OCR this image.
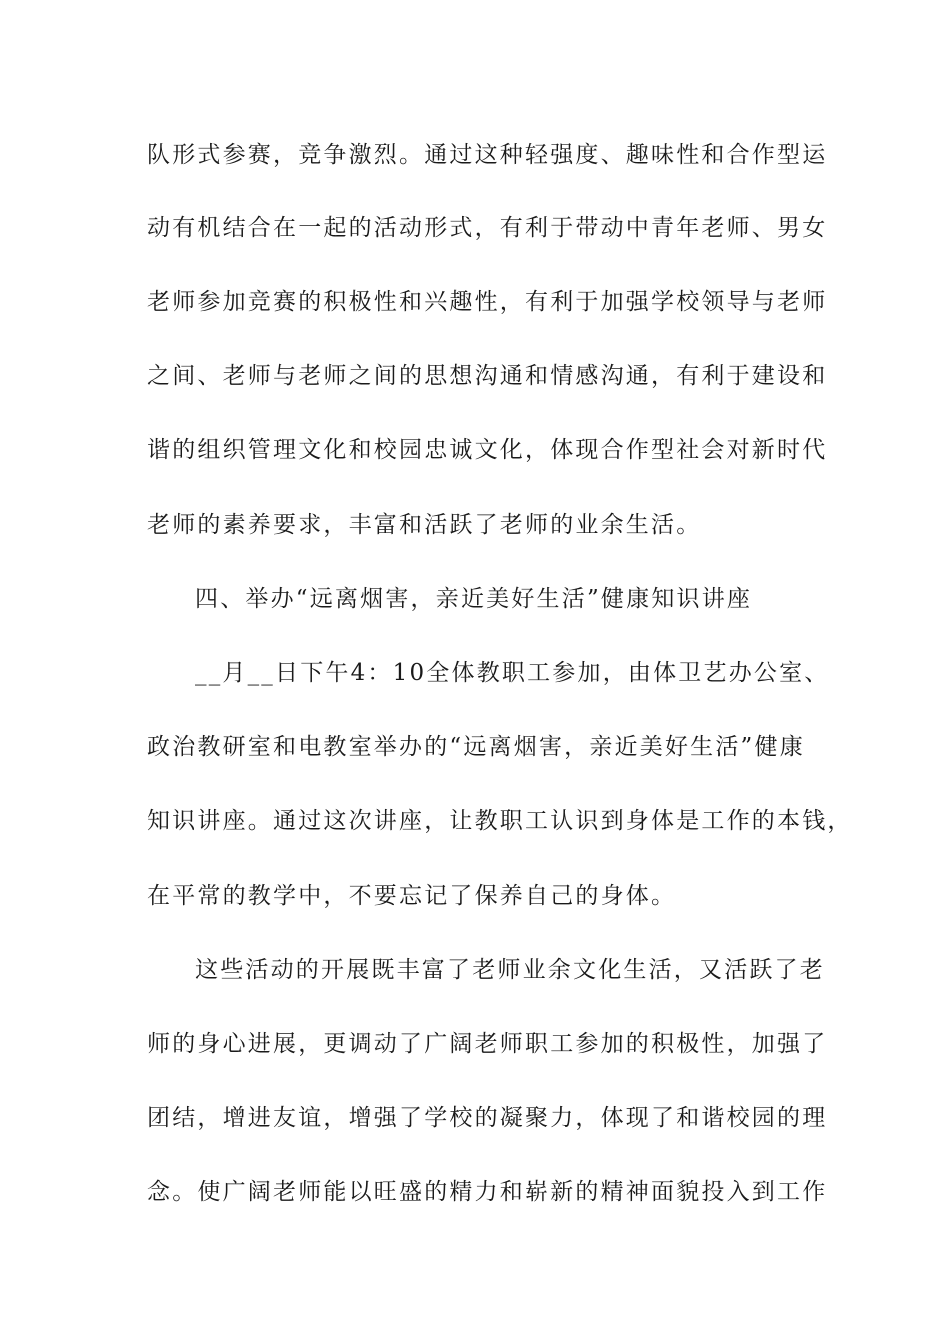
队形式参赛，竞争激烈。通过这种轻强度、趣味性和合作型运
动有机结合在一起的活动形式，有利于带动中青年老师、男女
老师参加竞赛的积极性和兴趣性，有利于加强学校领导与老师
之间、老师与老师之间的思想沟通和情感沟通，有利于建设和
谐的组织管理文化和校园忠诚文化，体现合作型社会对新时代
老师的素养要求，丰富和活跃了老师的业余生活。
四、举办“远离烟害，亲近美好生活”健康知识讲座
__月__日下午4：10全体教职工参加，由体卫艺办公室、
政治教研室和电教室举办的“远离烟害，亲近美好生活”健康
知识讲座。通过这次讲座，让教职工认识到身体是工作的本钱，
在平常的教学中，不要忘记了保养自己的身体。
这些活动的开展既丰富了老师业余文化生活，又活跃了老
师的身心进展，更调动了广阔老师职工参加的积极性，加强了
团结，增进友谊，增强了学校的凝聚力，体现了和谐校园的理
念。使广阔老师能以旺盛的精力和崭新的精神面貌投入到工作
